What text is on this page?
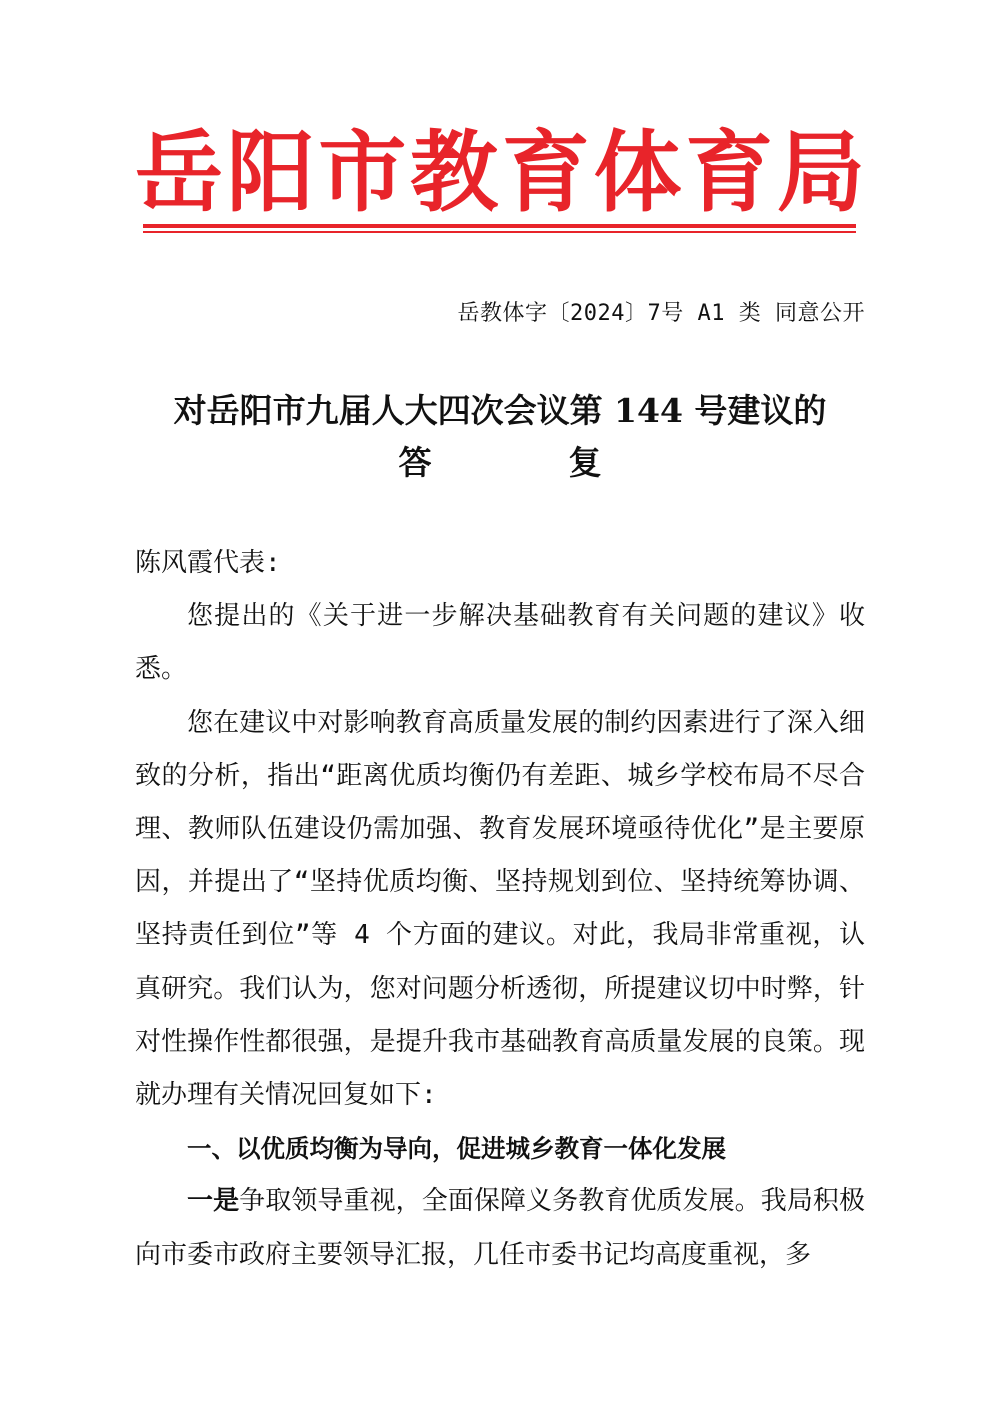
岳 阳 市 教 育 体 育 局
岳教体字〔2024〕7号 A1 类 同意公开
对岳阳市九届人大四次会议第 144 号建议的
答	复

陈风霞代表:

您提出的《关于进一步解决基础教育有关问题的建议》收悉。

您在建议中对影响教育高质量发展的制约因素进行了深入细致的分析，指出“距离优质均衡仍有差距、城乡学校布局不尽合理、教师队伍建设仍需加强、教育发展环境亟待优化”是主要原因，并提出了“坚持优质均衡、坚持规划到位、坚持统筹协调、坚持责任到位”等 4 个方面的建议。对此，我局非常重视，认真研究。我们认为，您对问题分析透彻，所提建议切中时弊，针对性操作性都很强，是提升我市基础教育高质量发展的良策。现就办理有关情况回复如下:

一、以优质均衡为导向，促进城乡教育一体化发展

一是争取领导重视，全面保障义务教育优质发展。我局积极向市委市政府主要领导汇报，几任市委书记均高度重视，多
